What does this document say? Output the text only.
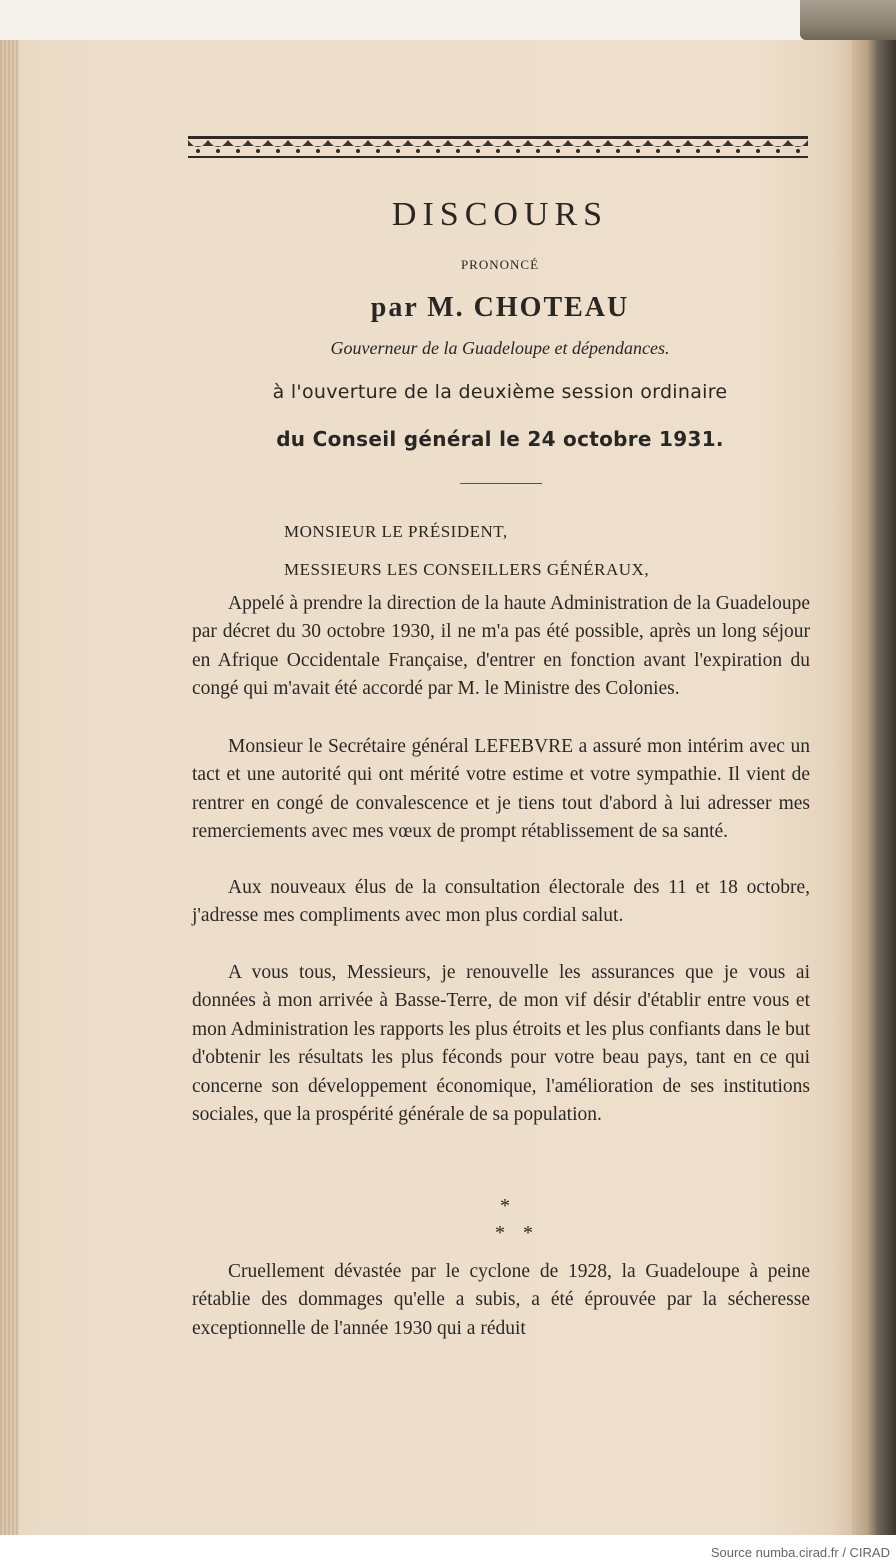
DISCOURS
PRONONCÉ
par M. CHOTEAU
Gouverneur de la Guadeloupe et dépendances.
à l'ouverture de la deuxième session ordinaire
du Conseil général le 24 octobre 1931.
MONSIEUR LE PRÉSIDENT,
MESSIEURS LES CONSEILLERS GÉNÉRAUX,

Appelé à prendre la direction de la haute Administration de la Guadeloupe par décret du 30 octobre 1930, il ne m'a pas été possible, après un long séjour en Afrique Occidentale Française, d'entrer en fonction avant l'expiration du congé qui m'avait été accordé par M. le Ministre des Colonies.

Monsieur le Secrétaire général LEFEBVRE a assuré mon intérim avec un tact et une autorité qui ont mérité votre estime et votre sympathie. Il vient de rentrer en congé de convalescence et je tiens tout d'abord à lui adresser mes remerciements avec mes vœux de prompt rétablissement de sa santé.

Aux nouveaux élus de la consultation électorale des 11 et 18 octobre, j'adresse mes compliments avec mon plus cordial salut.

A vous tous, Messieurs, je renouvelle les assurances que je vous ai données à mon arrivée à Basse-Terre, de mon vif désir d'établir entre vous et mon Administration les rapports les plus étroits et les plus confiants dans le but d'obtenir les résultats les plus féconds pour votre beau pays, tant en ce qui concerne son développement économique, l'amélioration de ses institutions sociales, que la prospérité générale de sa population.

*
**

Cruellement dévastée par le cyclone de 1928, la Guadeloupe à peine rétablie des dommages qu'elle a subis, a été éprouvée par la sécheresse exceptionnelle de l'année 1930 qui a réduit

Source numba.cirad.fr / CIRAD
